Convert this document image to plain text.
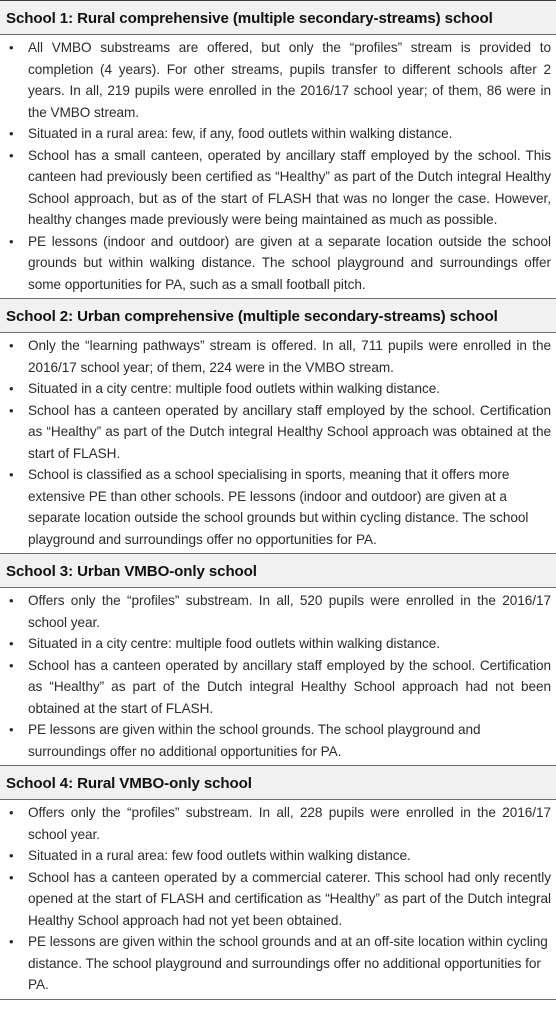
School 1: Rural comprehensive (multiple secondary-streams) school
• All VMBO substreams are offered, but only the “profiles” stream is provided to completion (4 years). For other streams, pupils transfer to different schools after 2 years. In all, 219 pupils were enrolled in the 2016/17 school year; of them, 86 were in the VMBO stream.
• Situated in a rural area: few, if any, food outlets within walking distance.
• School has a small canteen, operated by ancillary staff employed by the school. This canteen had previously been certified as “Healthy” as part of the Dutch integral Healthy School approach, but as of the start of FLASH that was no longer the case. However, healthy changes made previously were being maintained as much as possible.
• PE lessons (indoor and outdoor) are given at a separate location outside the school grounds but within walking distance. The school playground and surroundings offer some opportunities for PA, such as a small football pitch.
School 2: Urban comprehensive (multiple secondary-streams) school
• Only the “learning pathways” stream is offered. In all, 711 pupils were enrolled in the 2016/17 school year; of them, 224 were in the VMBO stream.
• Situated in a city centre: multiple food outlets within walking distance.
• School has a canteen operated by ancillary staff employed by the school. Certification as “Healthy” as part of the Dutch integral Healthy School approach was obtained at the start of FLASH.
• School is classified as a school specialising in sports, meaning that it offers more extensive PE than other schools. PE lessons (indoor and outdoor) are given at a separate location outside the school grounds but within cycling distance. The school playground and surroundings offer no opportunities for PA.
School 3: Urban VMBO-only school
• Offers only the “profiles” substream. In all, 520 pupils were enrolled in the 2016/17 school year.
• Situated in a city centre: multiple food outlets within walking distance.
• School has a canteen operated by ancillary staff employed by the school. Certification as “Healthy” as part of the Dutch integral Healthy School approach had not been obtained at the start of FLASH.
• PE lessons are given within the school grounds. The school playground and surroundings offer no additional opportunities for PA.
School 4: Rural VMBO-only school
• Offers only the “profiles” substream. In all, 228 pupils were enrolled in the 2016/17 school year.
• Situated in a rural area: few food outlets within walking distance.
• School has a canteen operated by a commercial caterer. This school had only recently opened at the start of FLASH and certification as “Healthy” as part of the Dutch integral Healthy School approach had not yet been obtained.
• PE lessons are given within the school grounds and at an off-site location within cycling distance. The school playground and surroundings offer no additional opportunities for PA.
